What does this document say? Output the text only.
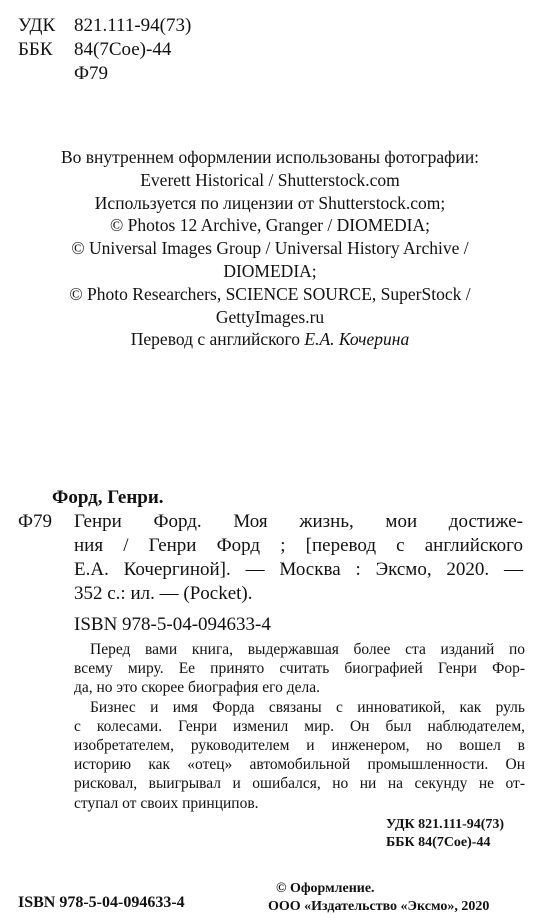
УДК 821.111-94(73)
ББК	84(7Сое)-44
Ф79
Во внутреннем оформлении использованы фотографии:
Everett Historical / Shutterstock.com
Используется по лицензии от Shutterstock.com;
© Photos 12 Archive, Granger / DIOMEDIA;
© Universal Images Group / Universal History Archive /
DIOMEDIA;
© Photo Researchers, SCIENCE SOURCE, SuperStock /
GettyImages.ru
Перевод с английского Е.А. Кочерина
Форд, Генри.
Ф79 Генри Форд. Моя жизнь, мои достиже-
ния / Генри Форд ; [перевод с английского
Е.А. Кочергиной]. — Москва : Эксмо, 2020. —
352 с.: ил. — (Pocket).
ISBN 978-5-04-094633-4
Перед вами книга, выдержавшая более ста изданий по
всему миру. Ее принято считать биографией Генри Фор-
да, но это скорее биография его дела.
Бизнес и имя Форда связаны с инноватикой, как руль
с колесами. Генри изменил мир. Он был наблюдателем,
изобретателем, руководителем и инженером, но вошел в
историю как «отец» автомобильной промышленности. Он
рисковал, выигрывал и ошибался, но ни на секунду не от-
ступал от своих принципов.
УДК 821.111-94(73)
ББК 84(7Сое)-44
ISBN 978-5-04-094633-4
© Оформление.
ООО «Издательство «Эксмо», 2020
